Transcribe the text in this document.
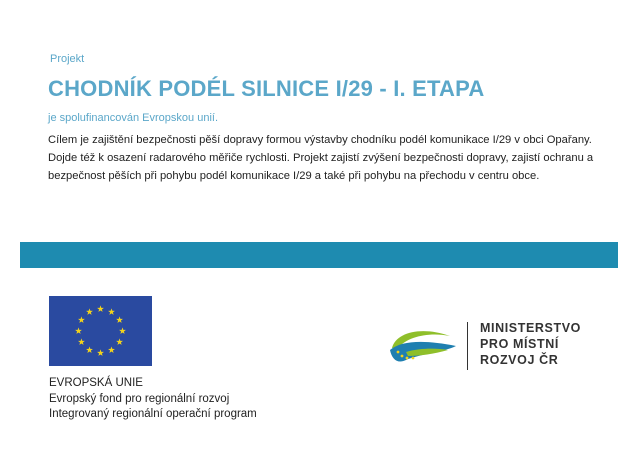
Projekt
CHODNÍK PODÉL SILNICE I/29 - I. ETAPA
je spolufinancován Evropskou unií.
Cílem je zajištění bezpečnosti pěší dopravy formou výstavby chodníku podél komunikace I/29 v obci Opařany. Dojde též k osazení radarového měřiče rychlosti. Projekt zajistí zvýšení bezpečnosti dopravy, zajistí ochranu a bezpečnost pěších při pohybu podél komunikace I/29 a také při pohybu na přechodu v centru obce.
EVROPSKÁ UNIE
Evropský fond pro regionální rozvoj
Integrovaný regionální operační program
MINISTERSTVO
PRO MÍSTNÍ
ROZVOJ ČR
